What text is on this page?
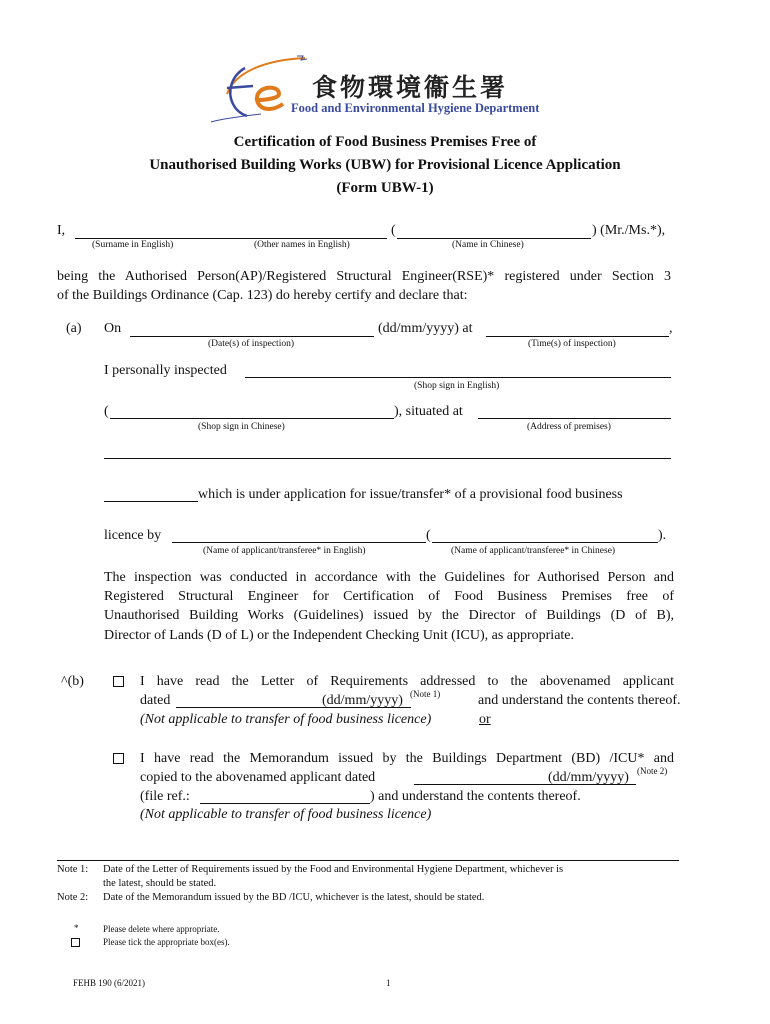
食物環境衞生署
Food and Environmental Hygiene Department
Certification of Food Business Premises Free of
Unauthorised Building Works (UBW) for Provisional Licence Application
(Form UBW-1)
I,	(	) (Mr./Ms.*),
(Surname in English)	(Other names in English)	(Name in Chinese)
being the Authorised Person(AP)/Registered Structural Engineer(RSE)* registered under Section 3
of the Buildings Ordinance (Cap. 123) do hereby certify and declare that:
(a) On	(dd/mm/yyyy) at	,
(Date(s) of inspection)	(Time(s) of inspection)
I personally inspected
(Shop sign in English)
(	), situated at
(Shop sign in Chinese)	(Address of premises)
which is under application for issue/transfer* of a provisional food business
licence by	(	).
(Name of applicant/transferee* in English)	(Name of applicant/transferee* in Chinese)
The inspection was conducted in accordance with the Guidelines for Authorised Person and
Registered Structural Engineer for Certification of Food Business Premises free of
Unauthorised Building Works (Guidelines) issued by the Director of Buildings (D of B),
Director of Lands (D of L) or the Independent Checking Unit (ICU), as appropriate.
^(b)	I have read the Letter of Requirements addressed to the abovenamed applicant
dated	(dd/mm/yyyy) (Note 1)	and understand the contents thereof.
(Not applicable to transfer of food business licence)	or
I have read the Memorandum issued by the Buildings Department (BD) /ICU* and
copied to the abovenamed applicant dated	(dd/mm/yyyy) (Note 2)
(file ref.:	) and understand the contents thereof.
(Not applicable to transfer of food business licence)
Note 1: Date of the Letter of Requirements issued by the Food and Environmental Hygiene Department, whichever is
the latest, should be stated.
Note 2: Date of the Memorandum issued by the BD /ICU, whichever is the latest, should be stated.
*	Please delete where appropriate.
Please tick the appropriate box(es).
FEHB 190 (6/2021)	1
